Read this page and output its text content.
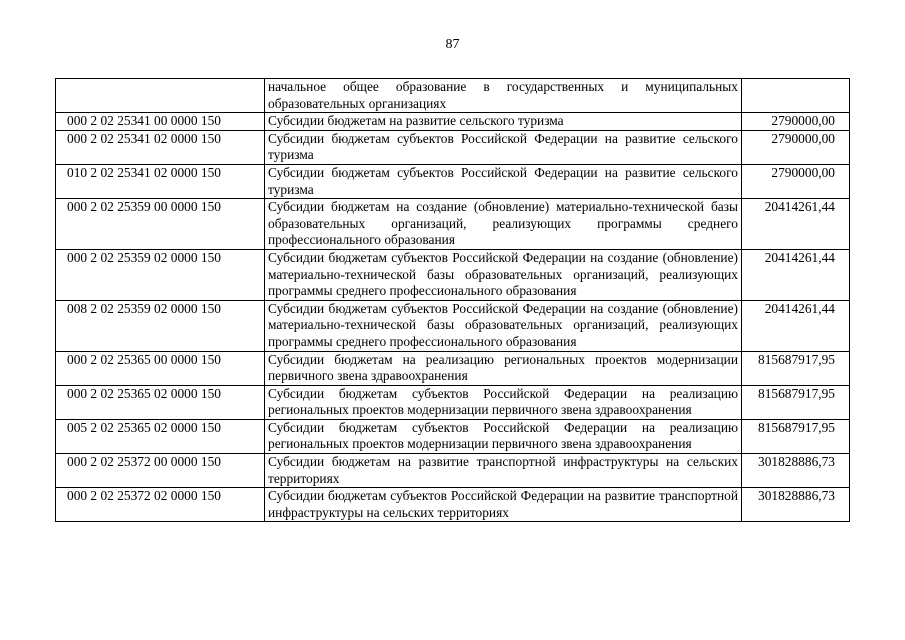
87
	начальное общее образование в государственных и муниципальных образовательных организациях	
000 2 02 25341 00 0000 150	Субсидии бюджетам на развитие сельского туризма	2790000,00
000 2 02 25341 02 0000 150	Субсидии бюджетам субъектов Российской Федерации на развитие сельского туризма	2790000,00
010 2 02 25341 02 0000 150	Субсидии бюджетам субъектов Российской Федерации на развитие сельского туризма	2790000,00
000 2 02 25359 00 0000 150	Субсидии бюджетам на создание (обновление) материально-технической базы образовательных организаций, реализующих программы среднего профессионального образования	20414261,44
000 2 02 25359 02 0000 150	Субсидии бюджетам субъектов Российской Федерации на создание (обновление) материально-технической базы образовательных организаций, реализующих программы среднего профессионального образования	20414261,44
008 2 02 25359 02 0000 150	Субсидии бюджетам субъектов Российской Федерации на создание (обновление) материально-технической базы образовательных организаций, реализующих программы среднего профессионального образования	20414261,44
000 2 02 25365 00 0000 150	Субсидии бюджетам на реализацию региональных проектов модернизации первичного звена здравоохранения	815687917,95
000 2 02 25365 02 0000 150	Субсидии бюджетам субъектов Российской Федерации на реализацию региональных проектов модернизации первичного звена здравоохранения	815687917,95
005 2 02 25365 02 0000 150	Субсидии бюджетам субъектов Российской Федерации на реализацию региональных проектов модернизации первичного звена здравоохранения	815687917,95
000 2 02 25372 00 0000 150	Субсидии бюджетам на развитие транспортной инфраструктуры на сельских территориях	301828886,73
000 2 02 25372 02 0000 150	Субсидии бюджетам субъектов Российской Федерации на развитие транспортной инфраструктуры на сельских территориях	301828886,73
